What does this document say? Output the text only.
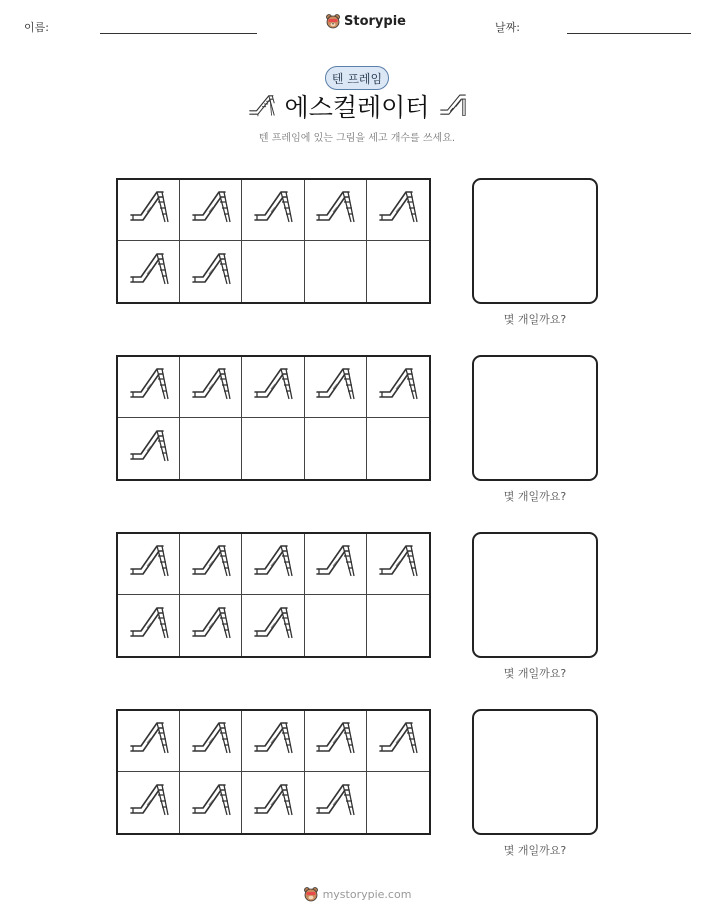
이름:	Storypie	날짜:
텐 프레임
에스컬레이터
텐 프레임에 있는 그림을 세고 개수를 쓰세요.
몇 개일까요?
몇 개일까요?
몇 개일까요?
몇 개일까요?
mystorypie.com
